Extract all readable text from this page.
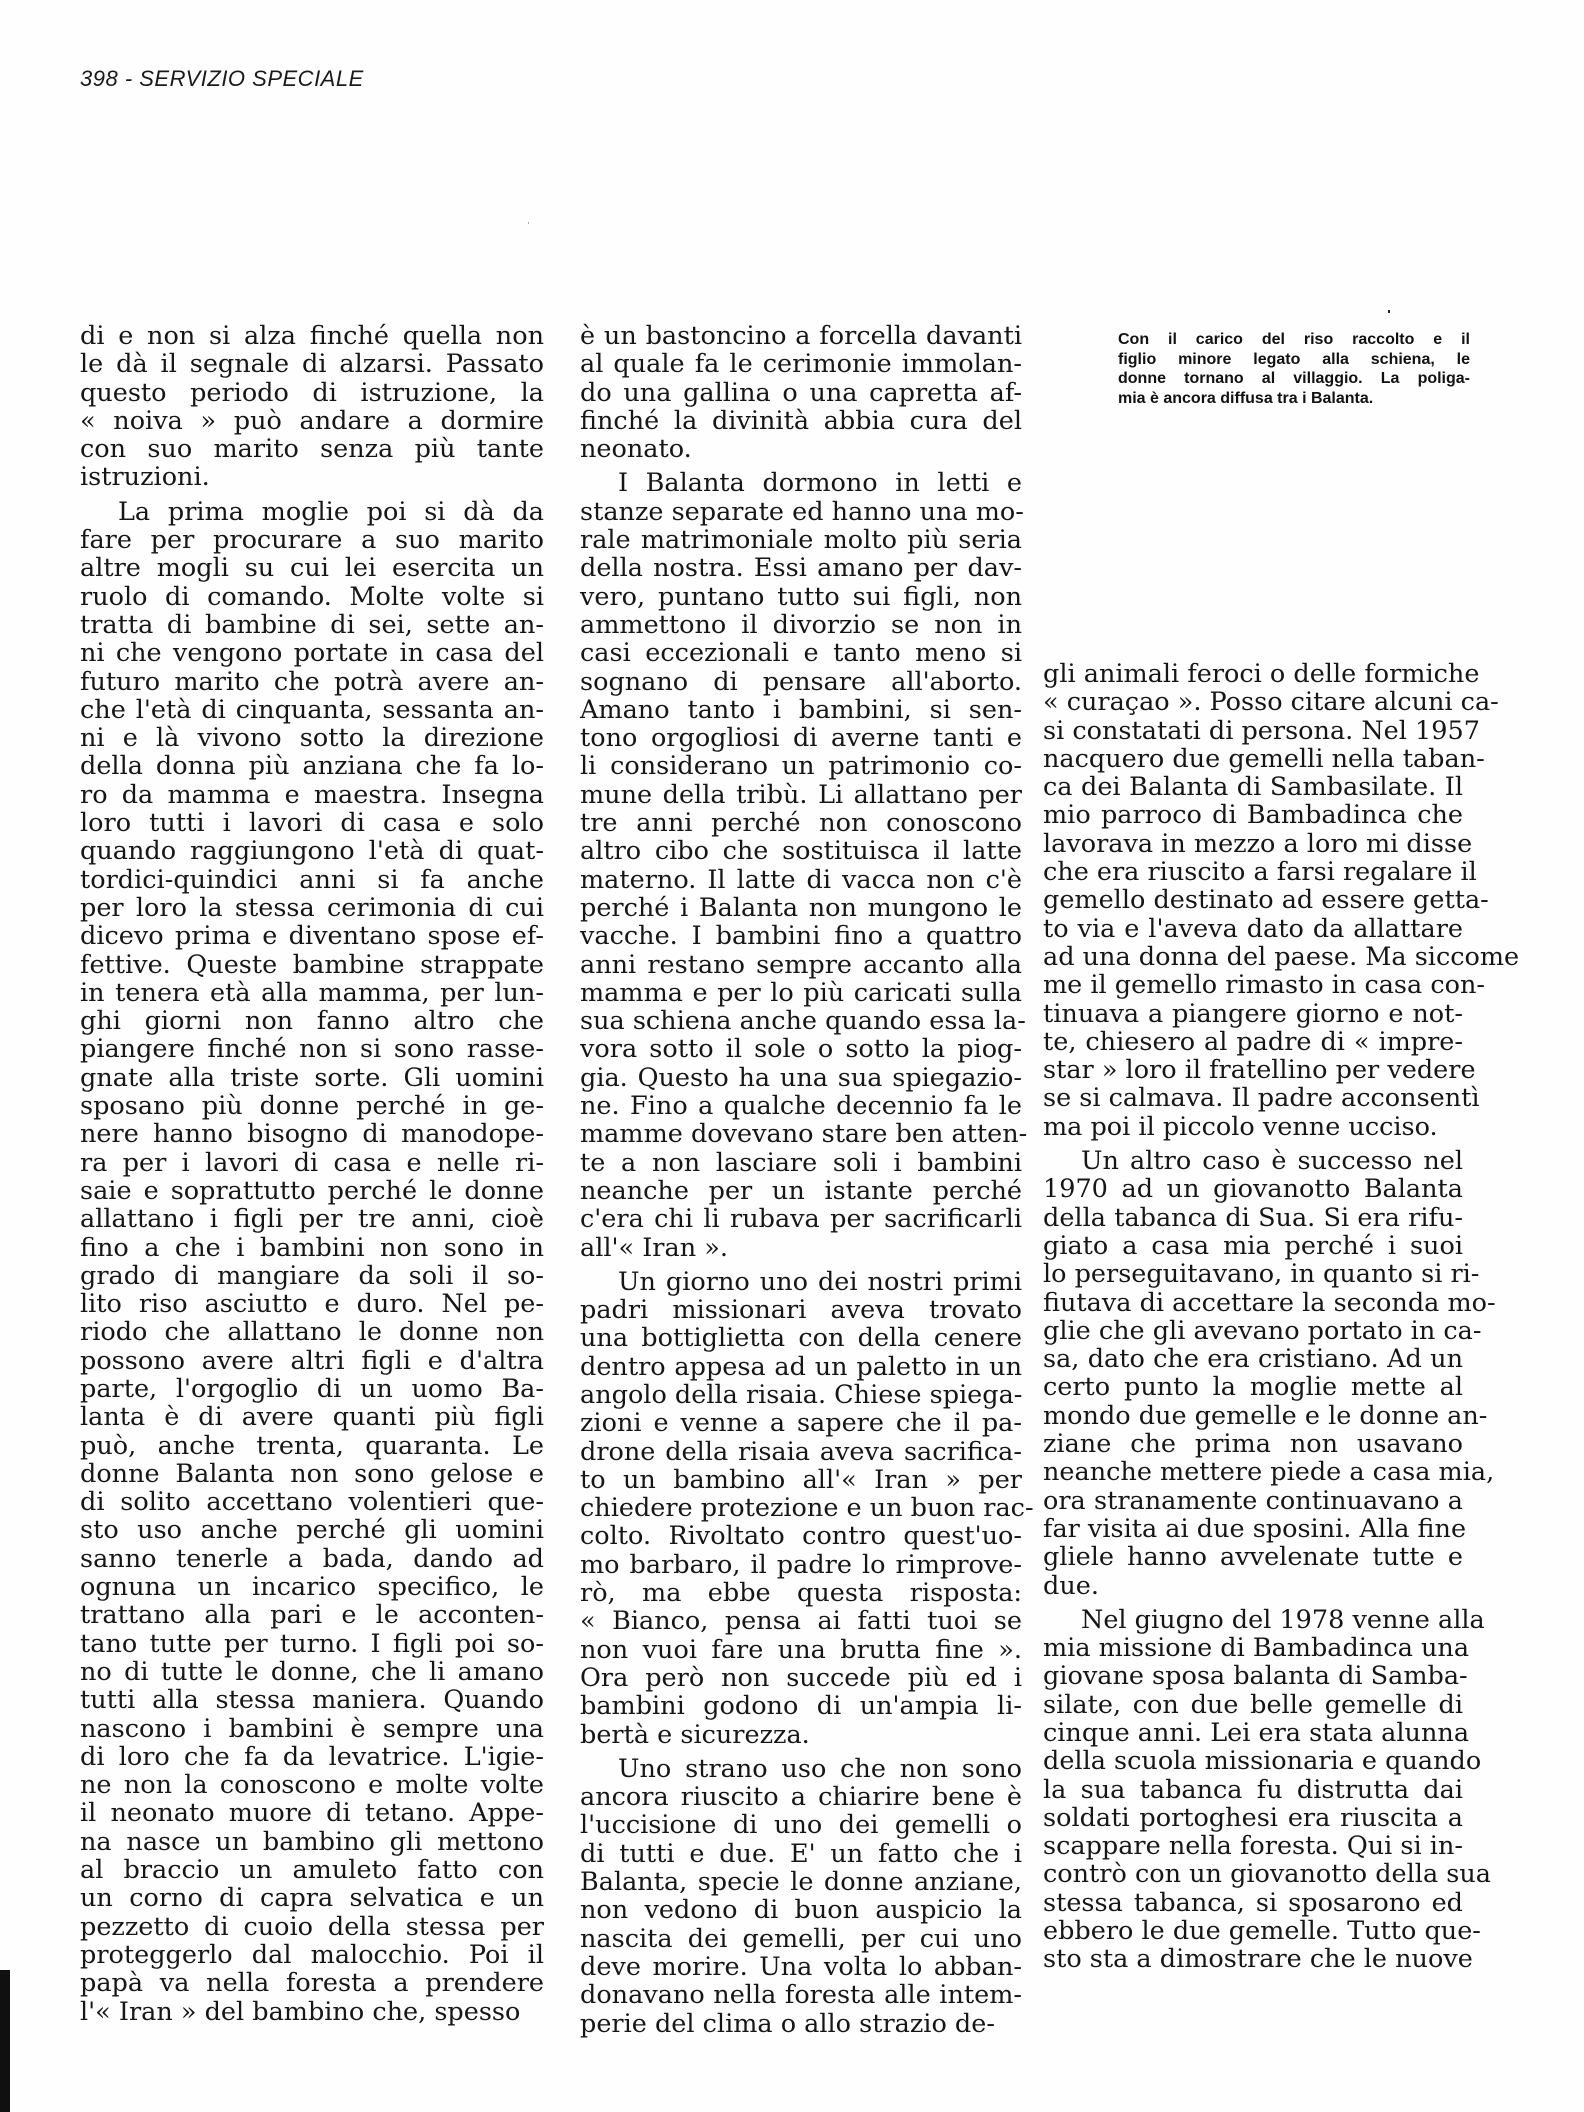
398 - SERVIZIO SPECIALE
Con il carico del riso raccolto e il
figlio minore legato alla schiena, le
donne tornano al villaggio. La poliga-
mia è ancora diffusa tra i Balanta.
di e non si alza finché quella non
le dà il segnale di alzarsi. Passato
questo periodo di istruzione, la
« noiva » può andare a dormire
con suo marito senza più tante
istruzioni.
La prima moglie poi si dà da
fare per procurare a suo marito
altre mogli su cui lei esercita un
ruolo di comando. Molte volte si
tratta di bambine di sei, sette an-
ni che vengono portate in casa del
futuro marito che potrà avere an-
che l'età di cinquanta, sessanta an-
ni e là vivono sotto la direzione
della donna più anziana che fa lo-
ro da mamma e maestra. Insegna
loro tutti i lavori di casa e solo
quando raggiungono l'età di quat-
tordici-quindici anni si fa anche
per loro la stessa cerimonia di cui
dicevo prima e diventano spose ef-
fettive. Queste bambine strappate
in tenera età alla mamma, per lun-
ghi giorni non fanno altro che
piangere finché non si sono rasse-
gnate alla triste sorte. Gli uomini
sposano più donne perché in ge-
nere hanno bisogno di manodope-
ra per i lavori di casa e nelle ri-
saie e soprattutto perché le donne
allattano i figli per tre anni, cioè
fino a che i bambini non sono in
grado di mangiare da soli il so-
lito riso asciutto e duro. Nel pe-
riodo che allattano le donne non
possono avere altri figli e d'altra
parte, l'orgoglio di un uomo Ba-
lanta è di avere quanti più figli
può, anche trenta, quaranta. Le
donne Balanta non sono gelose e
di solito accettano volentieri que-
sto uso anche perché gli uomini
sanno tenerle a bada, dando ad
ognuna un incarico specifico, le
trattano alla pari e le acconten-
tano tutte per turno. I figli poi so-
no di tutte le donne, che li amano
tutti alla stessa maniera. Quando
nascono i bambini è sempre una
di loro che fa da levatrice. L'igie-
ne non la conoscono e molte volte
il neonato muore di tetano. Appe-
na nasce un bambino gli mettono
al braccio un amuleto fatto con
un corno di capra selvatica e un
pezzetto di cuoio della stessa per
proteggerlo dal malocchio. Poi il
papà va nella foresta a prendere
l'« Iran » del bambino che, spesso
è un bastoncino a forcella davanti
al quale fa le cerimonie immolan-
do una gallina o una capretta af-
finché la divinità abbia cura del
neonato.
I Balanta dormono in letti e
stanze separate ed hanno una mo-
rale matrimoniale molto più seria
della nostra. Essi amano per dav-
vero, puntano tutto sui figli, non
ammettono il divorzio se non in
casi eccezionali e tanto meno si
sognano di pensare all'aborto.
Amano tanto i bambini, si sen-
tono orgogliosi di averne tanti e
li considerano un patrimonio co-
mune della tribù. Li allattano per
tre anni perché non conoscono
altro cibo che sostituisca il latte
materno. Il latte di vacca non c'è
perché i Balanta non mungono le
vacche. I bambini fino a quattro
anni restano sempre accanto alla
mamma e per lo più caricati sulla
sua schiena anche quando essa la-
vora sotto il sole o sotto la piog-
gia. Questo ha una sua spiegazio-
ne. Fino a qualche decennio fa le
mamme dovevano stare ben atten-
te a non lasciare soli i bambini
neanche per un istante perché
c'era chi li rubava per sacrificarli
all'« Iran ».
Un giorno uno dei nostri primi
padri missionari aveva trovato
una bottiglietta con della cenere
dentro appesa ad un paletto in un
angolo della risaia. Chiese spiega-
zioni e venne a sapere che il pa-
drone della risaia aveva sacrifica-
to un bambino all'« Iran » per
chiedere protezione e un buon rac-
colto. Rivoltato contro quest'uo-
mo barbaro, il padre lo rimprove-
rò, ma ebbe questa risposta:
« Bianco, pensa ai fatti tuoi se
non vuoi fare una brutta fine ».
Ora però non succede più ed i
bambini godono di un'ampia li-
bertà e sicurezza.
Uno strano uso che non sono
ancora riuscito a chiarire bene è
l'uccisione di uno dei gemelli o
di tutti e due. E' un fatto che i
Balanta, specie le donne anziane,
non vedono di buon auspicio la
nascita dei gemelli, per cui uno
deve morire. Una volta lo abban-
donavano nella foresta alle intem-
perie del clima o allo strazio de-
gli animali feroci o delle formiche
« curaçao ». Posso citare alcuni ca-
si constatati di persona. Nel 1957
nacquero due gemelli nella taban-
ca dei Balanta di Sambasilate. Il
mio parroco di Bambadinca che
lavorava in mezzo a loro mi disse
che era riuscito a farsi regalare il
gemello destinato ad essere getta-
to via e l'aveva dato da allattare
ad una donna del paese. Ma siccome
me il gemello rimasto in casa con-
tinuava a piangere giorno e not-
te, chiesero al padre di « impre-
star » loro il fratellino per vedere
se si calmava. Il padre acconsentì
ma poi il piccolo venne ucciso.
Un altro caso è successo nel
1970 ad un giovanotto Balanta
della tabanca di Sua. Si era rifu-
giato a casa mia perché i suoi
lo perseguitavano, in quanto si ri-
fiutava di accettare la seconda mo-
glie che gli avevano portato in ca-
sa, dato che era cristiano. Ad un
certo punto la moglie mette al
mondo due gemelle e le donne an-
ziane che prima non usavano
neanche mettere piede a casa mia,
ora stranamente continuavano a
far visita ai due sposini. Alla fine
gliele hanno avvelenate tutte e
due.
Nel giugno del 1978 venne alla
mia missione di Bambadinca una
giovane sposa balanta di Samba-
silate, con due belle gemelle di
cinque anni. Lei era stata alunna
della scuola missionaria e quando
la sua tabanca fu distrutta dai
soldati portoghesi era riuscita a
scappare nella foresta. Qui si in-
contrò con un giovanotto della sua
stessa tabanca, si sposarono ed
ebbero le due gemelle. Tutto que-
sto sta a dimostrare che le nuove
